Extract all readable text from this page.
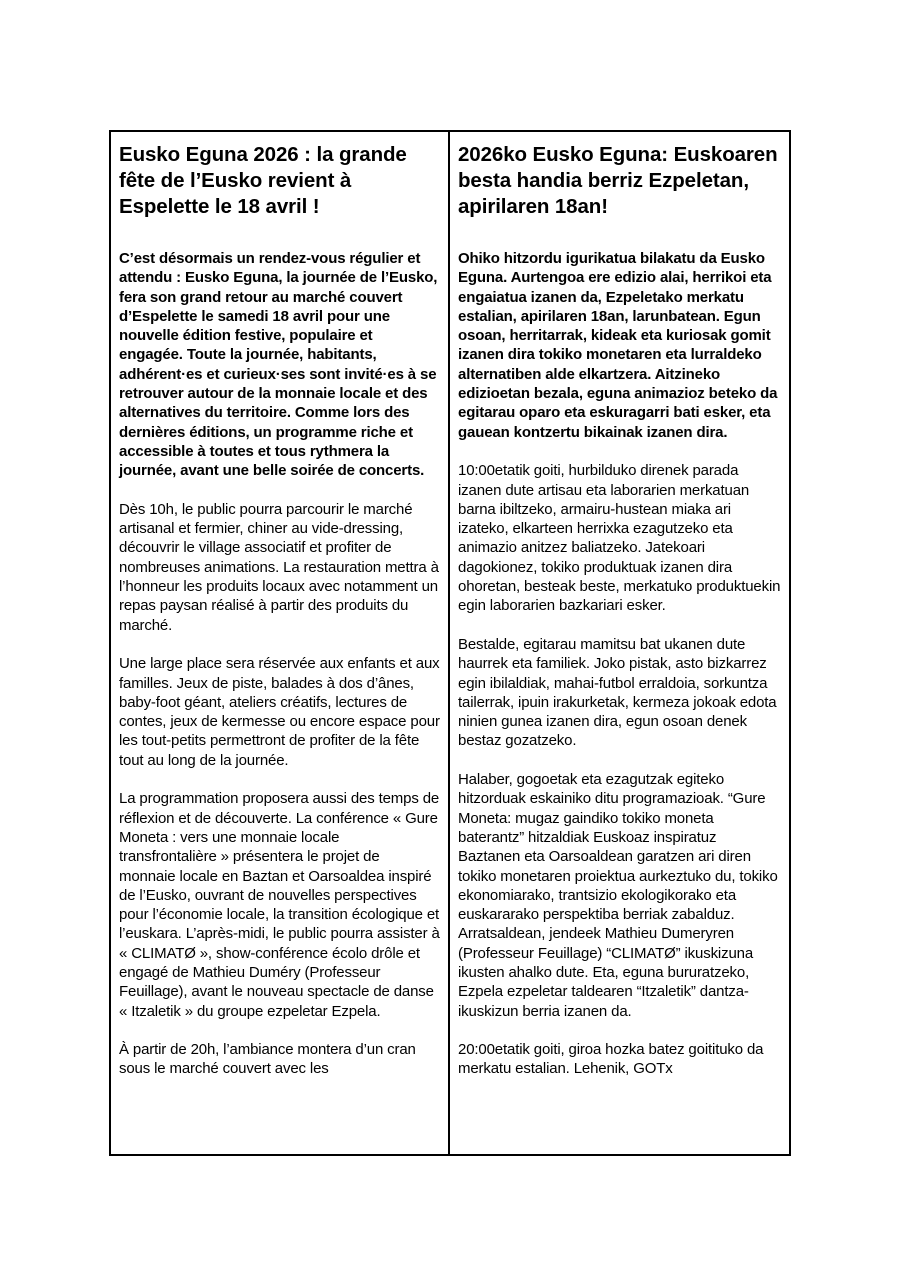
Eusko Eguna 2026 : la grande fête de l’Eusko revient à Espelette le 18 avril !

C’est désormais un rendez-vous régulier et attendu : Eusko Eguna, la journée de l’Eusko, fera son grand retour au marché couvert d’Espelette le samedi 18 avril pour une nouvelle édition festive, populaire et engagée. Toute la journée, habitants, adhérent·es et curieux·ses sont invité·es à se retrouver autour de la monnaie locale et des alternatives du territoire. Comme lors des dernières éditions, un programme riche et accessible à toutes et tous rythmera la journée, avant une belle soirée de concerts.

Dès 10h, le public pourra parcourir le marché artisanal et fermier, chiner au vide-dressing, découvrir le village associatif et profiter de nombreuses animations. La restauration mettra à l’honneur les produits locaux avec notamment un repas paysan réalisé à partir des produits du marché.

Une large place sera réservée aux enfants et aux familles. Jeux de piste, balades à dos d’ânes, baby-foot géant, ateliers créatifs, lectures de contes, jeux de kermesse ou encore espace pour les tout-petits permettront de profiter de la fête tout au long de la journée.

La programmation proposera aussi des temps de réflexion et de découverte. La conférence « Gure Moneta : vers une monnaie locale transfrontalière » présentera le projet de monnaie locale en Baztan et Oarsoaldea inspiré de l’Eusko, ouvrant de nouvelles perspectives pour l’économie locale, la transition écologique et l’euskara. L’après-midi, le public pourra assister à « CLIMATØ », show-conférence écolo drôle et engagé de Mathieu Duméry (Professeur Feuillage), avant le nouveau spectacle de danse « Itzaletik » du groupe ezpeletar Ezpela.

À partir de 20h, l’ambiance montera d’un cran sous le marché couvert avec les

2026ko Eusko Eguna: Euskoaren besta handia berriz Ezpeletan, apirilaren 18an!

Ohiko hitzordu igurikatua bilakatu da Eusko Eguna. Aurtengoa ere edizio alai, herrikoi eta engaiatua izanen da, Ezpeletako merkatu estalian, apirilaren 18an, larunbatean. Egun osoan, herritarrak, kideak eta kuriosak gomit izanen dira tokiko monetaren eta lurraldeko alternatiben alde elkartzera. Aitzineko edizioetan bezala, eguna animazioz beteko da egitarau oparo eta eskuragarri bati esker, eta gauean kontzertu bikainak izanen dira.

10:00etatik goiti, hurbilduko direnek parada izanen dute artisau eta laborarien merkatuan barna ibiltzeko, armairu-hustean miaka ari izateko, elkarteen herrixka ezagutzeko eta animazio anitzez baliatzeko. Jatekoari dagokionez, tokiko produktuak izanen dira ohoretan, besteak beste, merkatuko produktuekin egin laborarien bazkariari esker.

Bestalde, egitarau mamitsu bat ukanen dute haurrek eta familiek. Joko pistak, asto bizkarrez egin ibilaldiak, mahai-futbol erraldoia, sorkuntza tailerrak, ipuin irakurketak, kermeza jokoak edota ninien gunea izanen dira, egun osoan denek bestaz gozatzeko.

Halaber, gogoetak eta ezagutzak egiteko hitzorduak eskainiko ditu programazioak. “Gure Moneta: mugaz gaindiko tokiko moneta baterantz” hitzaldiak Euskoaz inspiratuz Baztanen eta Oarsoaldean garatzen ari diren tokiko monetaren proiektua aurkeztuko du, tokiko ekonomiarako, trantsizio ekologikorako eta euskararako perspektiba berriak zabalduz. Arratsaldean, jendeek Mathieu Dumeryren (Professeur Feuillage) “CLIMATØ” ikuskizuna ikusten ahalko dute. Eta, eguna bururatzeko, Ezpela ezpeletar taldearen “Itzaletik” dantza-ikuskizun berria izanen da.

20:00etatik goiti, giroa hozka batez goitituko da merkatu estalian. Lehenik, GOTx
